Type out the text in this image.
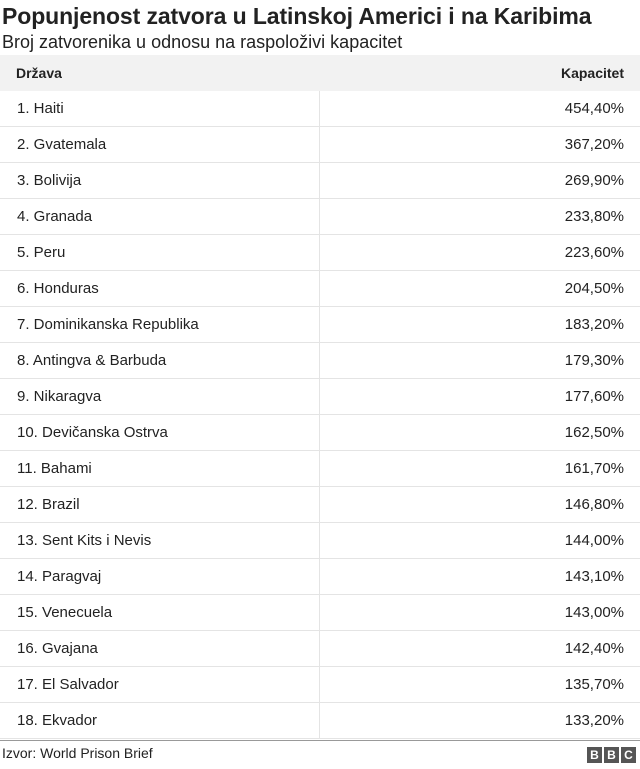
Popunjenost zatvora u Latinskoj Americi i na Karibima
Broj zatvorenika u odnosu na raspoloživi kapacitet
Država	Kapacitet
1. Haiti	454,40%
2. Gvatemala	367,20%
3. Bolivija	269,90%
4. Granada	233,80%
5. Peru	223,60%
6. Honduras	204,50%
7. Dominikanska Republika	183,20%
8. Antingva & Barbuda	179,30%
9. Nikaragva	177,60%
10. Devičanska Ostrva	162,50%
11. Bahami	161,70%
12. Brazil	146,80%
13. Sent Kits i Nevis	144,00%
14. Paragvaj	143,10%
15. Venecuela	143,00%
16. Gvajana	142,40%
17. El Salvador	135,70%
18. Ekvador	133,20%
Izvor: World Prison Brief	B B C
